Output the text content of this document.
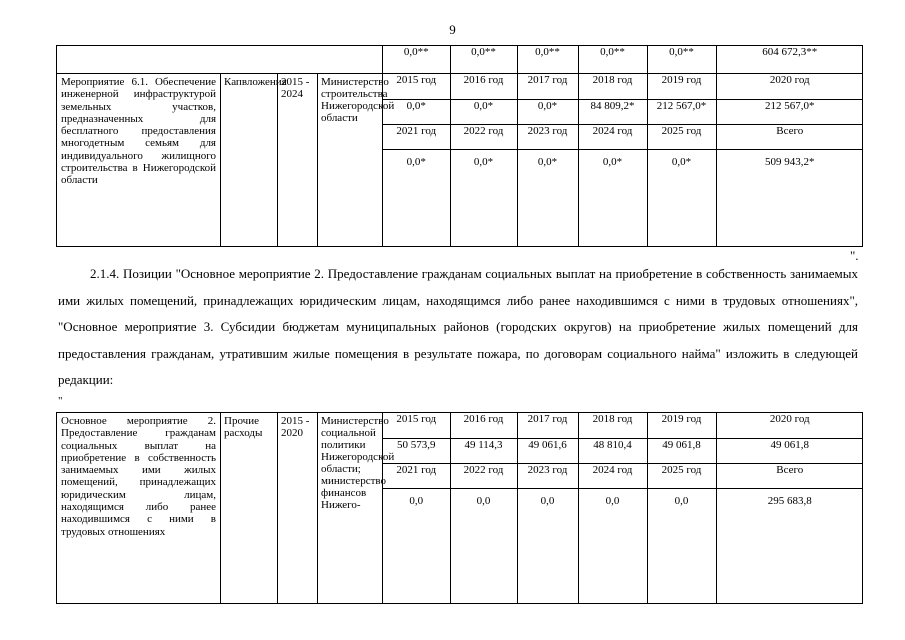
9

0,0**	0,0**	0,0**	0,0**	0,0**	604 672,3**

Мероприятие 6.1. Обеспечение инженерной инфраструктурой земельных участков, предназначенных для бесплатного предоставления многодетным семьям для индивидуального жилищного строительства в Нижегородской области	Капвложения	2015 - 2024	Министерство строительства Нижегородской области	
2015 год	2016 год	2017 год	2018 год	2019 год	2020 год
0,0*	0,0*	0,0*	84 809,2*	212 567,0*	212 567,0*
2021 год	2022 год	2023 год	2024 год	2025 год	Всего
0,0*	0,0*	0,0*	0,0*	0,0*	509 943,2*
".

2.1.4. Позиции "Основное мероприятие 2. Предоставление гражданам социальных выплат на приобретение в собственность занимаемых ими жилых помещений, принадлежащих юридическим лицам, находящимся либо ранее находившимся с ними в трудовых отношениях", "Основное мероприятие 3. Субсидии бюджетам муниципальных районов (городских округов) на приобретение жилых помещений для предоставления гражданам, утратившим жилые помещения в результате пожара, по договорам социального найма" изложить в следующей редакции:

"
Основное мероприятие 2. Предоставление гражданам социальных выплат на приобретение в собственность занимаемых ими жилых помещений, принадлежащих юридическим лицам, находящимся либо ранее находившимся с ними в трудовых отношениях	Прочие расходы	2015 - 2020	Министерство социальной политики Нижегородской области; министерство финансов Нижего-	
2015 год	2016 год	2017 год	2018 год	2019 год	2020 год
50 573,9	49 114,3	49 061,6	48 810,4	49 061,8	49 061,8
2021 год	2022 год	2023 год	2024 год	2025 год	Всего
0,0	0,0	0,0	0,0	0,0	295 683,8
